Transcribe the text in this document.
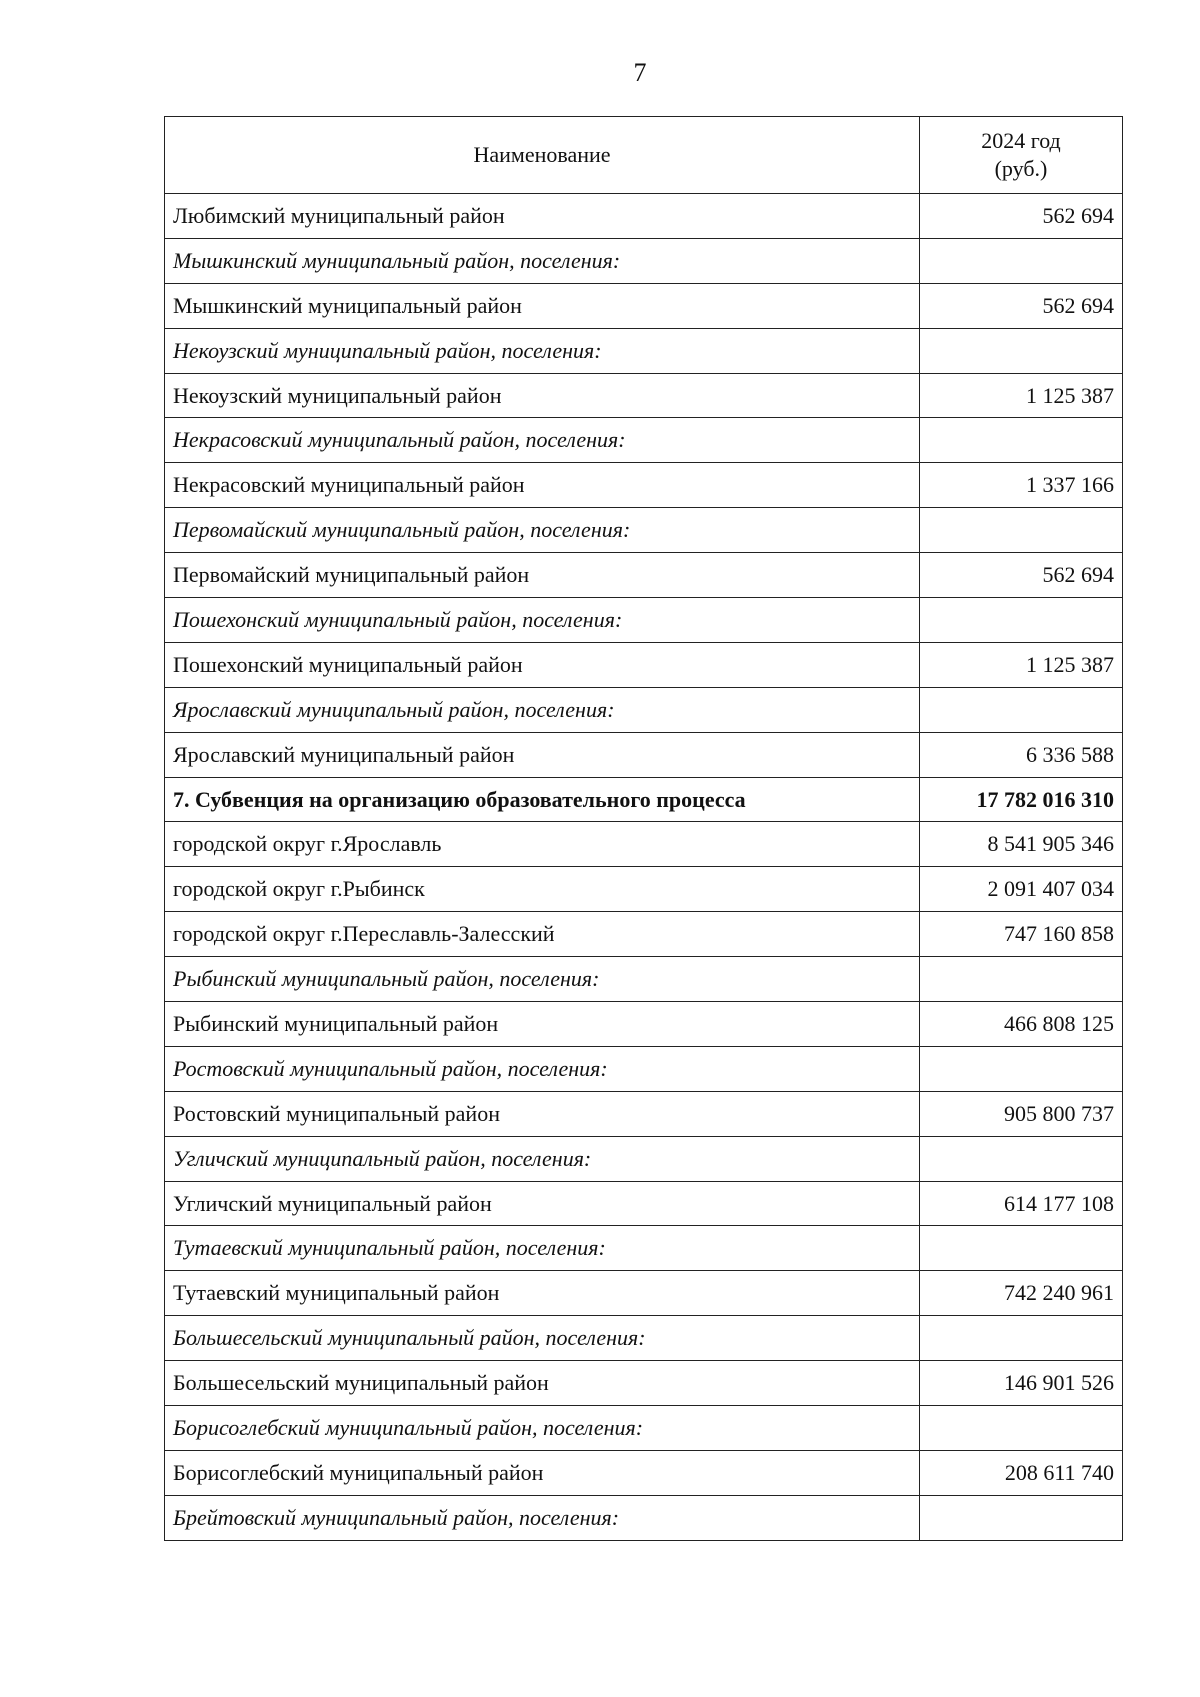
7
Наименование	2024 год
(руб.)
Любимский муниципальный район	562 694
Мышкинский муниципальный район, поселения:	
Мышкинский муниципальный район	562 694
Некоузский муниципальный район, поселения:	
Некоузский муниципальный район	1 125 387
Некрасовский муниципальный район, поселения:	
Некрасовский муниципальный район	1 337 166
Первомайский муниципальный район, поселения:	
Первомайский муниципальный район	562 694
Пошехонский муниципальный район, поселения:	
Пошехонский муниципальный район	1 125 387
Ярославский муниципальный район, поселения:	
Ярославский муниципальный район	6 336 588
7. Субвенция на организацию образовательного процесса	17 782 016 310
городской округ г.Ярославль	8 541 905 346
городской округ г.Рыбинск	2 091 407 034
городской округ г.Переславль-Залесский	747 160 858
Рыбинский муниципальный район, поселения:	
Рыбинский муниципальный район	466 808 125
Ростовский муниципальный район, поселения:	
Ростовский муниципальный район	905 800 737
Угличский муниципальный район, поселения:	
Угличский муниципальный район	614 177 108
Тутаевский муниципальный район, поселения:	
Тутаевский муниципальный район	742 240 961
Большесельский муниципальный район, поселения:	
Большесельский муниципальный район	146 901 526
Борисоглебский муниципальный район, поселения:	
Борисоглебский муниципальный район	208 611 740
Брейтовский муниципальный район, поселения:	
